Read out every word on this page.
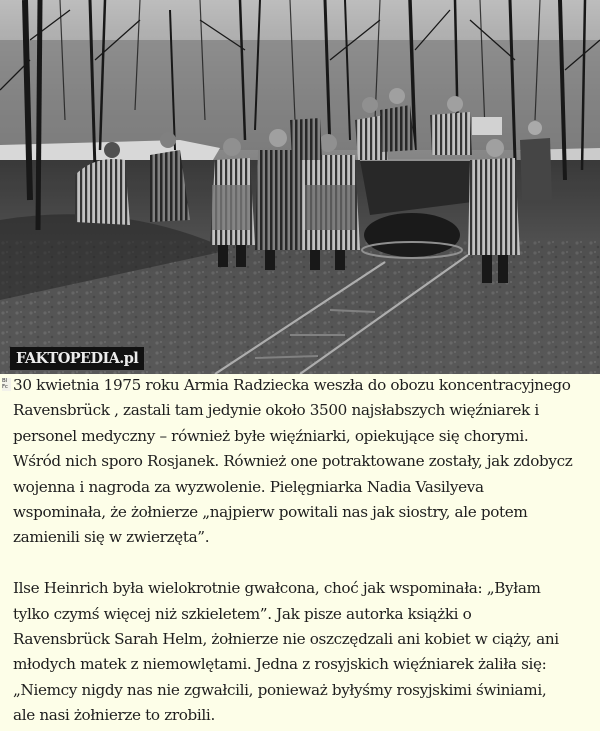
FAKTOPEDIA.pl
Bl
Fc 30 kwietnia 1975 roku Armia Radziecka weszła do obozu koncentracyjnego
Ravensbrück , zastali tam jedynie około 3500 najsłabszych więźniarek i
personel medyczny – również byłe więźniarki, opiekujące się chorymi.
Wśród nich sporo Rosjanek. Również one potraktowane zostały, jak zdobycz
wojenna i nagroda za wyzwolenie. Pielęgniarka Nadia Vasilyeva
wspominała, że żołnierze „najpierw powitali nas jak siostry, ale potem
zamienili się w zwierzęta”.
Ilse Heinrich była wielokrotnie gwałcona, choć jak wspominała: „Byłam
tylko czymś więcej niż szkieletem”. Jak pisze autorka książki o
Ravensbrück Sarah Helm, żołnierze nie oszczędzali ani kobiet w ciąży, ani
młodych matek z niemowlętami. Jedna z rosyjskich więźniarek żaliła się:
„Niemcy nigdy nas nie zgwałcili, ponieważ byłyśmy rosyjskimi świniami,
ale nasi żołnierze to zrobili.
